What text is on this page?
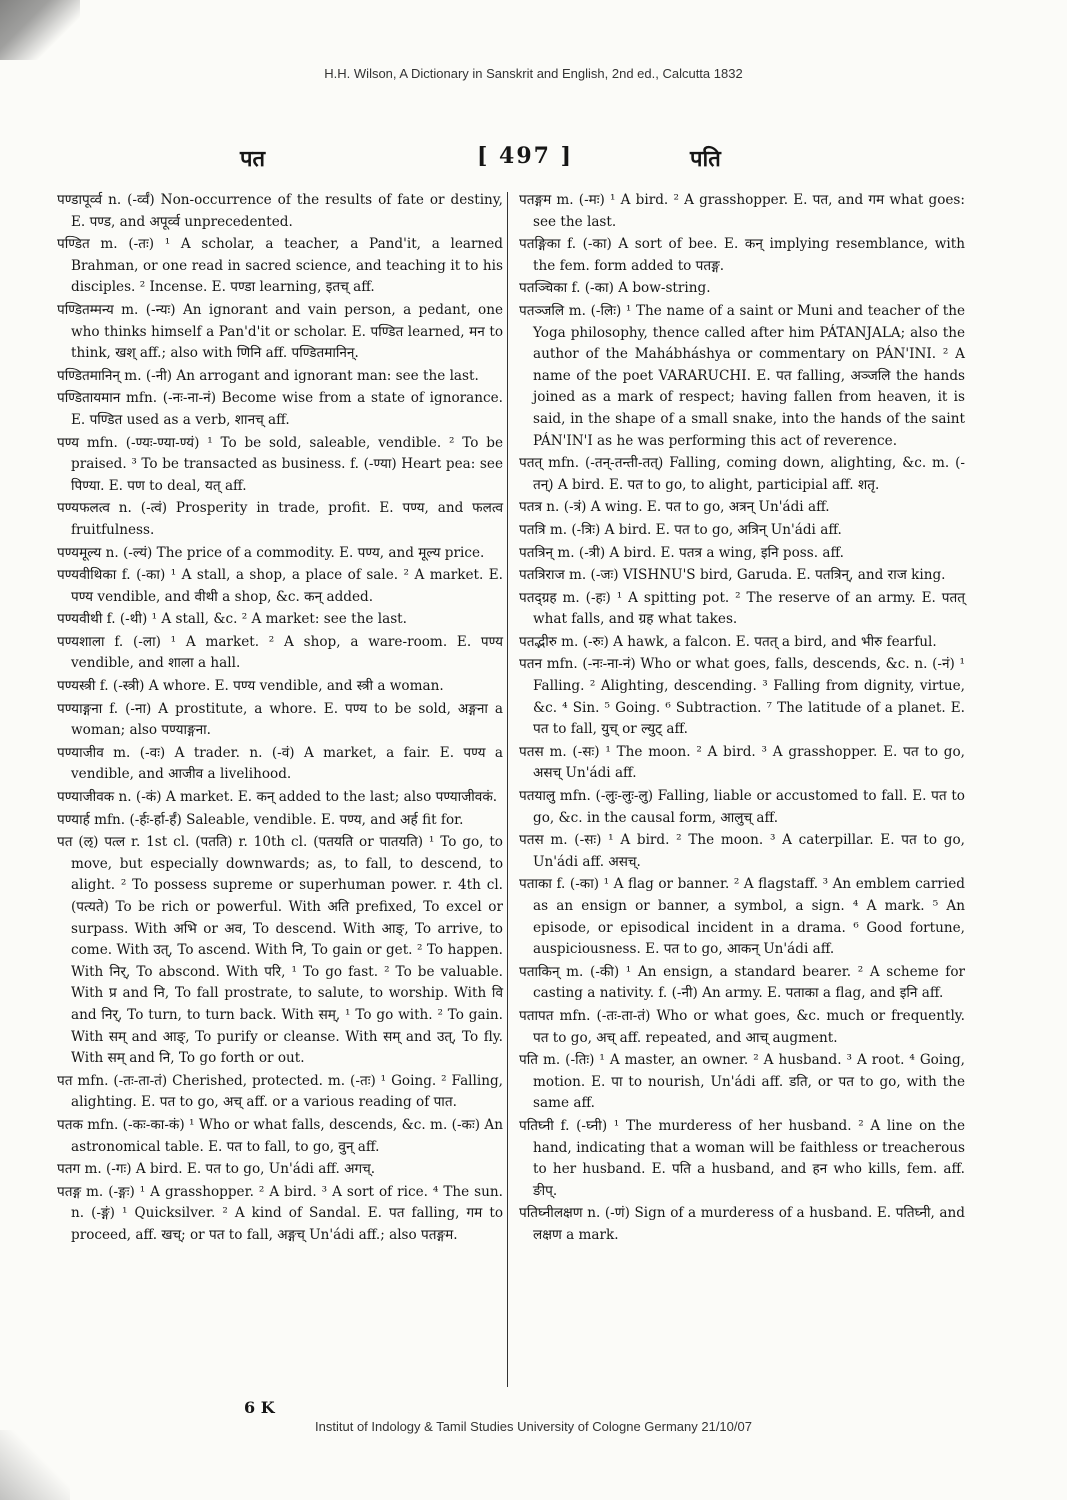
H.H. Wilson, A Dictionary in Sanskrit and English, 2nd ed., Calcutta 1832
पत	[ 497 ]	पति

पण्डापूर्व्व n. (-र्व्वं) Non-occurrence of the results of fate or destiny, E. पण्ड, and अपूर्व्व unprecedented.

पण्डित m. (-तः) ¹ A scholar, a teacher, a Pand'it, a learned Brahman, or one read in sacred science, and teaching it to his disciples. ² Incense. E. पण्डा learning, इतच् aff.

पण्डितम्मन्य m. (-न्यः) An ignorant and vain person, a pedant, one who thinks himself a Pan'd'it or scholar. E. पण्डित learned, मन to think, खश् aff.; also with णिनि aff. पण्डितमानिन्.

पण्डितमानिन् m. (-नी) An arrogant and ignorant man: see the last.

पण्डितायमान mfn. (-नः-ना-नं) Become wise from a state of ignorance. E. पण्डित used as a verb, शानच् aff.

पण्य mfn. (-ण्यः-ण्या-ण्यं) ¹ To be sold, saleable, vendible. ² To be praised. ³ To be transacted as business. f. (-ण्या) Heart pea: see पिण्या. E. पण to deal, यत् aff.

पण्यफलत्व n. (-त्वं) Prosperity in trade, profit. E. पण्य, and फलत्व fruitfulness.

पण्यमूल्य n. (-ल्यं) The price of a commodity. E. पण्य, and मूल्य price.

पण्यवीथिका f. (-का) ¹ A stall, a shop, a place of sale. ² A market. E. पण्य vendible, and वीथी a shop, &c. कन् added.

पण्यवीथी f. (-थी) ¹ A stall, &c. ² A market: see the last.

पण्यशाला f. (-ला) ¹ A market. ² A shop, a ware-room. E. पण्य vendible, and शाला a hall.

पण्यस्त्री f. (-स्त्री) A whore. E. पण्य vendible, and स्त्री a woman.

पण्याङ्गना f. (-ना) A prostitute, a whore. E. पण्य to be sold, अङ्गना a woman; also पण्याङ्गना.

पण्याजीव m. (-वः) A trader. n. (-वं) A market, a fair. E. पण्य a vendible, and आजीव a livelihood.

पण्याजीवक n. (-कं) A market. E. कन् added to the last; also पण्याजीवकं.

पण्यार्ह mfn. (-र्हः-र्हा-र्हं) Saleable, vendible. E. पण्य, and अर्ह fit for.

पत (ऌ) पत्ल r. 1st cl. (पतति) r. 10th cl. (पतयति or पातयति) ¹ To go, to move, but especially downwards; as, to fall, to descend, to alight. ² To possess supreme or superhuman power. r. 4th cl. (पत्यते) To be rich or powerful. With अति prefixed, To excel or surpass. With अभि or अव, To descend. With आङ्, To arrive, to come. With उत्, To ascend. With नि, To gain or get. ² To happen. With निर्, To abscond. With परि, ¹ To go fast. ² To be valuable. With प्र and नि, To fall prostrate, to salute, to worship. With वि and निर्, To turn, to turn back. With सम्, ¹ To go with. ² To gain. With सम् and आङ्, To purify or cleanse. With सम् and उत्, To fly. With सम् and नि, To go forth or out.

पत mfn. (-तः-ता-तं) Cherished, protected. m. (-तः) ¹ Going. ² Falling, alighting. E. पत to go, अच् aff. or a various reading of पात.

पतक mfn. (-कः-का-कं) ¹ Who or what falls, descends, &c. m. (-कः) An astronomical table. E. पत to fall, to go, वुन् aff.

पतग m. (-गः) A bird. E. पत to go, Un'ádi aff. अगच्.

पतङ्ग m. (-ङ्गः) ¹ A grasshopper. ² A bird. ³ A sort of rice. ⁴ The sun. n. (-ङ्गं) ¹ Quicksilver. ² A kind of Sandal. E. पत falling, गम to proceed, aff. खच्; or पत to fall, अङ्गच् Un'ádi aff.; also पतङ्गम.

पतङ्गम m. (-मः) ¹ A bird. ² A grasshopper. E. पत, and गम what goes: see the last.

पतङ्गिका f. (-का) A sort of bee. E. कन् implying resemblance, with the fem. form added to पतङ्ग.

पतञ्चिका f. (-का) A bow-string.

पतञ्जलि m. (-लिः) ¹ The name of a saint or Muni and teacher of the Yoga philosophy, thence called after him PÁTANJALA; also the author of the Mahábháshya or commentary on PÁN'INI. ² A name of the poet VARARUCHI. E. पत falling, अञ्जलि the hands joined as a mark of respect; having fallen from heaven, it is said, in the shape of a small snake, into the hands of the saint PÁN'IN'I as he was performing this act of reverence.

पतत् mfn. (-तन्-तन्ती-तत्) Falling, coming down, alighting, &c. m. (-तन्) A bird. E. पत to go, to alight, participial aff. शतृ.

पतत्र n. (-त्रं) A wing. E. पत to go, अत्रन् Un'ádi aff.

पतत्रि m. (-त्रिः) A bird. E. पत to go, अत्रिन् Un'ádi aff.

पतत्रिन् m. (-त्री) A bird. E. पतत्र a wing, इनि poss. aff.

पतत्रिराज m. (-जः) VISHNU'S bird, Garuda. E. पतत्रिन्, and राज king.

पतद्ग्रह m. (-हः) ¹ A spitting pot. ² The reserve of an army. E. पतत् what falls, and ग्रह what takes.

पतद्भीरु m. (-रुः) A hawk, a falcon. E. पतत् a bird, and भीरु fearful.

पतन mfn. (-नः-ना-नं) Who or what goes, falls, descends, &c. n. (-नं) ¹ Falling. ² Alighting, descending. ³ Falling from dignity, virtue, &c. ⁴ Sin. ⁵ Going. ⁶ Subtraction. ⁷ The latitude of a planet. E. पत to fall, युच् or ल्युट् aff.

पतस m. (-सः) ¹ The moon. ² A bird. ³ A grasshopper. E. पत to go, असच् Un'ádi aff.

पतयालु mfn. (-लुः-लुः-लु) Falling, liable or accustomed to fall. E. पत to go, &c. in the causal form, आलुच् aff.

पतस m. (-सः) ¹ A bird. ² The moon. ³ A caterpillar. E. पत to go, Un'ádi aff. असच्.

पताका f. (-का) ¹ A flag or banner. ² A flagstaff. ³ An emblem carried as an ensign or banner, a symbol, a sign. ⁴ A mark. ⁵ An episode, or episodical incident in a drama. ⁶ Good fortune, auspiciousness. E. पत to go, आकन् Un'ádi aff.

पताकिन् m. (-की) ¹ An ensign, a standard bearer. ² A scheme for casting a nativity. f. (-नी) An army. E. पताका a flag, and इनि aff.

पतापत mfn. (-तः-ता-तं) Who or what goes, &c. much or frequently. पत to go, अच् aff. repeated, and आच् augment.

पति m. (-तिः) ¹ A master, an owner. ² A husband. ³ A root. ⁴ Going, motion. E. पा to nourish, Un'ádi aff. डति, or पत to go, with the same aff.

पतिघ्नी f. (-घ्नी) ¹ The murderess of her husband. ² A line on the hand, indicating that a woman will be faithless or treacherous to her husband. E. पति a husband, and हन who kills, fem. aff. ङीप्.

पतिघ्नीलक्षण n. (-णं) Sign of a murderess of a husband. E. पतिघ्नी, and लक्षण a mark.

6 K
Institut of Indology & Tamil Studies University of Cologne Germany 21/10/07
